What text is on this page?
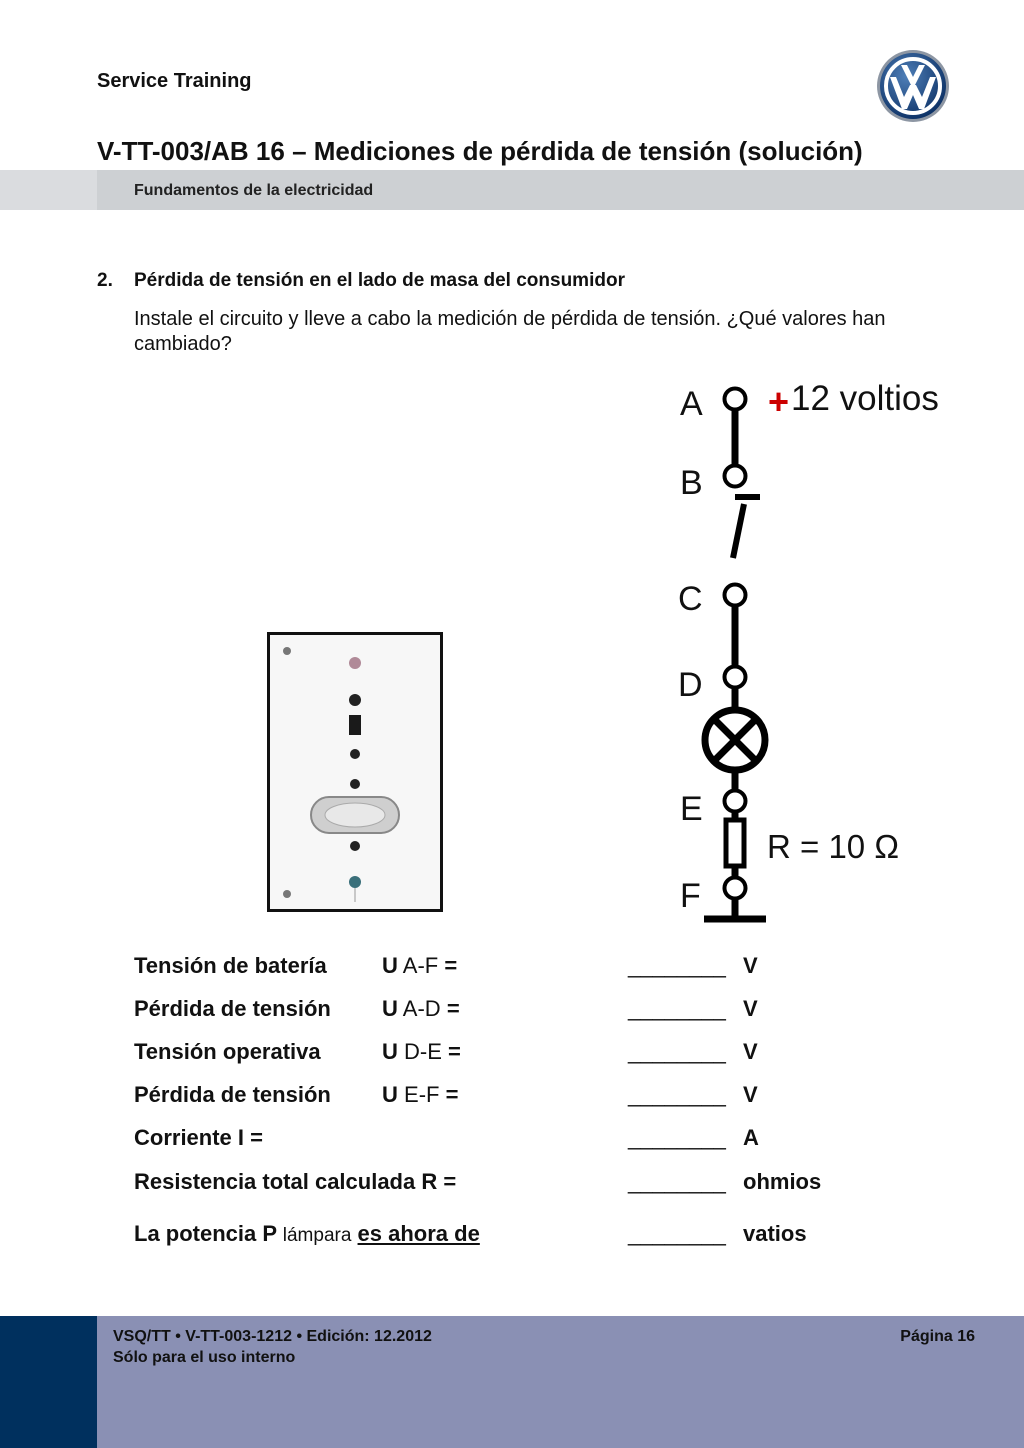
Service Training
V-TT-003/AB 16 – Mediciones de pérdida de tensión (solución)
Fundamentos de la electricidad
2. Pérdida de tensión en el lado de masa del consumidor
Instale el circuito y lleve a cabo la medición de pérdida de tensión. ¿Qué valores han cambiado?
A
B
C
D
E
F
+ 12 voltios
R = 10 Ω
Tensión de batería	U A-F =	________ V
Pérdida de tensión U A-D =	________ V
Tensión operativa	U D-E =	________ V
Pérdida de tensión U E-F =	________ V
Corriente I =	________ A
Resistencia total calculada R =	________ ohmios
La potencia P lámpara es ahora de	________ vatios
VSQ/TT • V-TT-003-1212 • Edición: 12.2012
Sólo para el uso interno
Página 16
